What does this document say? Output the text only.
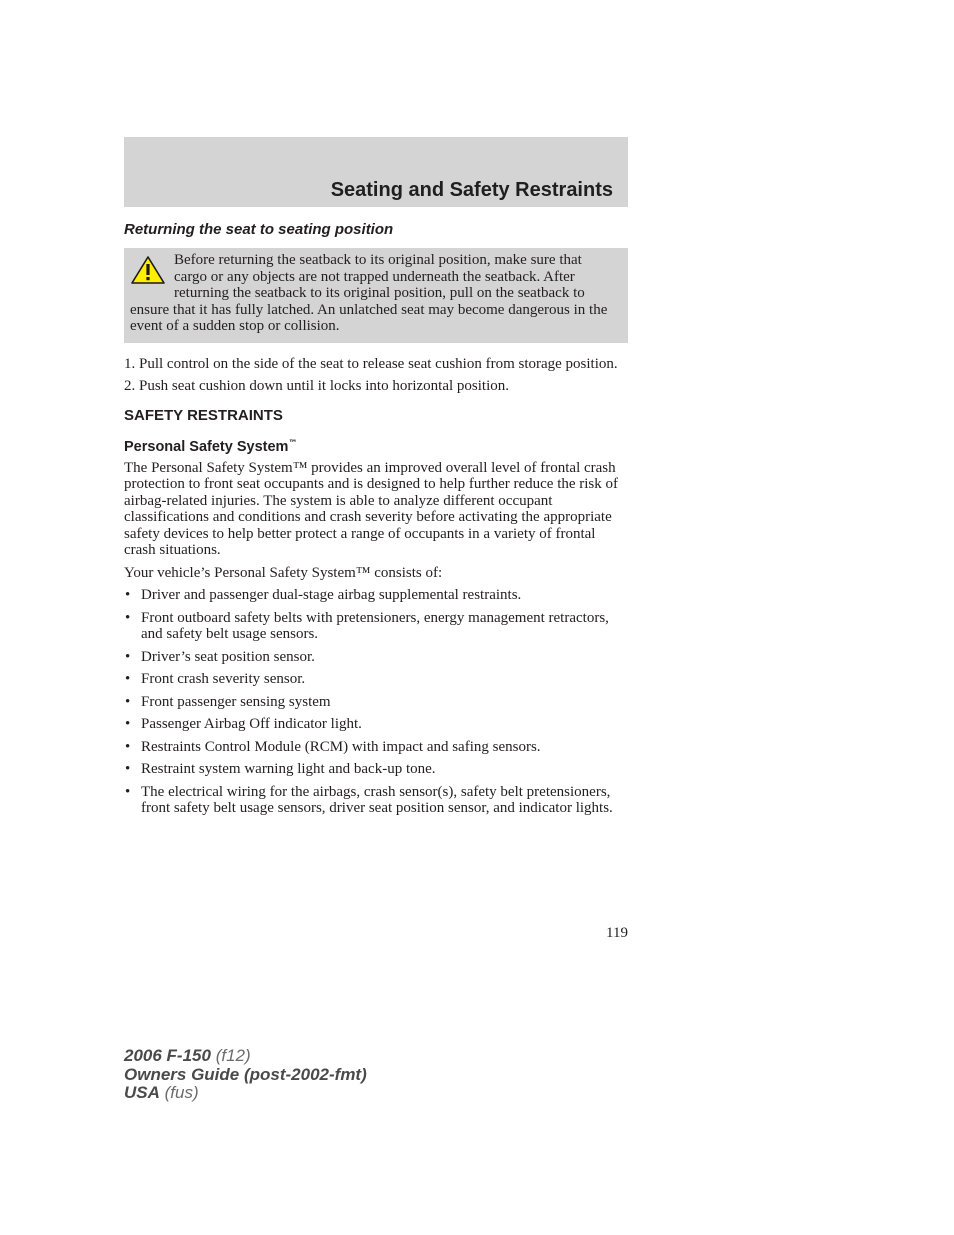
Seating and Safety Restraints
Returning the seat to seating position

Before returning the seatback to its original position, make sure that cargo or any objects are not trapped underneath the seatback. After returning the seatback to its original position, pull on the seatback to ensure that it has fully latched. An unlatched seat may become dangerous in the event of a sudden stop or collision.

1. Pull control on the side of the seat to release seat cushion from storage position.

2. Push seat cushion down until it locks into horizontal position.

SAFETY RESTRAINTS
Personal Safety System™

The Personal Safety System™ provides an improved overall level of frontal crash protection to front seat occupants and is designed to help further reduce the risk of airbag-related injuries. The system is able to analyze different occupant classifications and conditions and crash severity before activating the appropriate safety devices to help better protect a range of occupants in a variety of frontal crash situations.

Your vehicle’s Personal Safety System™ consists of:

• Driver and passenger dual-stage airbag supplemental restraints.
• Front outboard safety belts with pretensioners, energy management retractors, and safety belt usage sensors.
• Driver’s seat position sensor.
• Front crash severity sensor.
• Front passenger sensing system
• Passenger Airbag Off indicator light.
• Restraints Control Module (RCM) with impact and safing sensors.
• Restraint system warning light and back-up tone.
• The electrical wiring for the airbags, crash sensor(s), safety belt pretensioners, front safety belt usage sensors, driver seat position sensor, and indicator lights.
119
2006 F-150 (f12)
Owners Guide (post-2002-fmt)
USA (fus)
